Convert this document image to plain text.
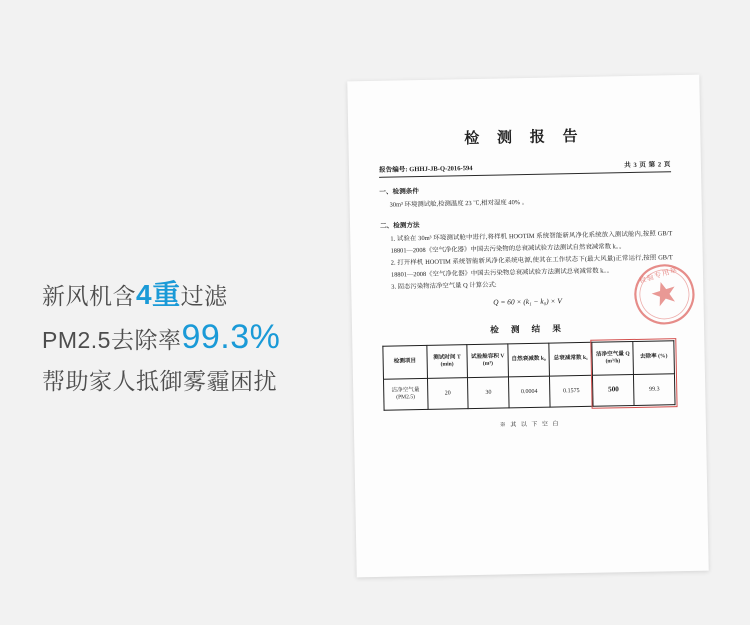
新风机含4重过滤
PM2.5去除率99.3%
帮助家人抵御雾霾困扰
检 测 报 告
报告编号: GHHJ-JB-Q-2016-594	共 3 页 第 2 页
一、检测条件

30m³ 环境测试舱,检测温度 23 ℃,相对湿度 40% 。

二、检测方法

1. 试验在 30m³ 环境测试舱中进行,将样机 HOOTIM 系统智能新风净化系统放入测试舱内,按照 GB/T 18801—2008《空气净化器》中国去污染物的总衰减试验方法测试自然衰减常数 k。。

2. 打开样机 HOOTIM 系统智能新风净化系统电源,使其在工作状态下(最大风量)正常运行,按照 GB/T 18801—2008《空气净化器》中国去污染物总衰减试验方法测试总衰减常数 k。。

3. 固态污染物洁净空气量 Q 计算公式:

Q = 60 × (k₁ − k₀) × V
检 测 结 果
检测项目	测试时间 T (min)	试验舱容积 V (m³)	自然衰减数 k₀	总衰减常数 k₁	洁净空气量 Q (m³/h)	去除率 (%)
洁净空气量
(PM2.5)	20	30	0.0004	0.1575	500	99.3
※ 其 以 下 空 白
检验专用章
